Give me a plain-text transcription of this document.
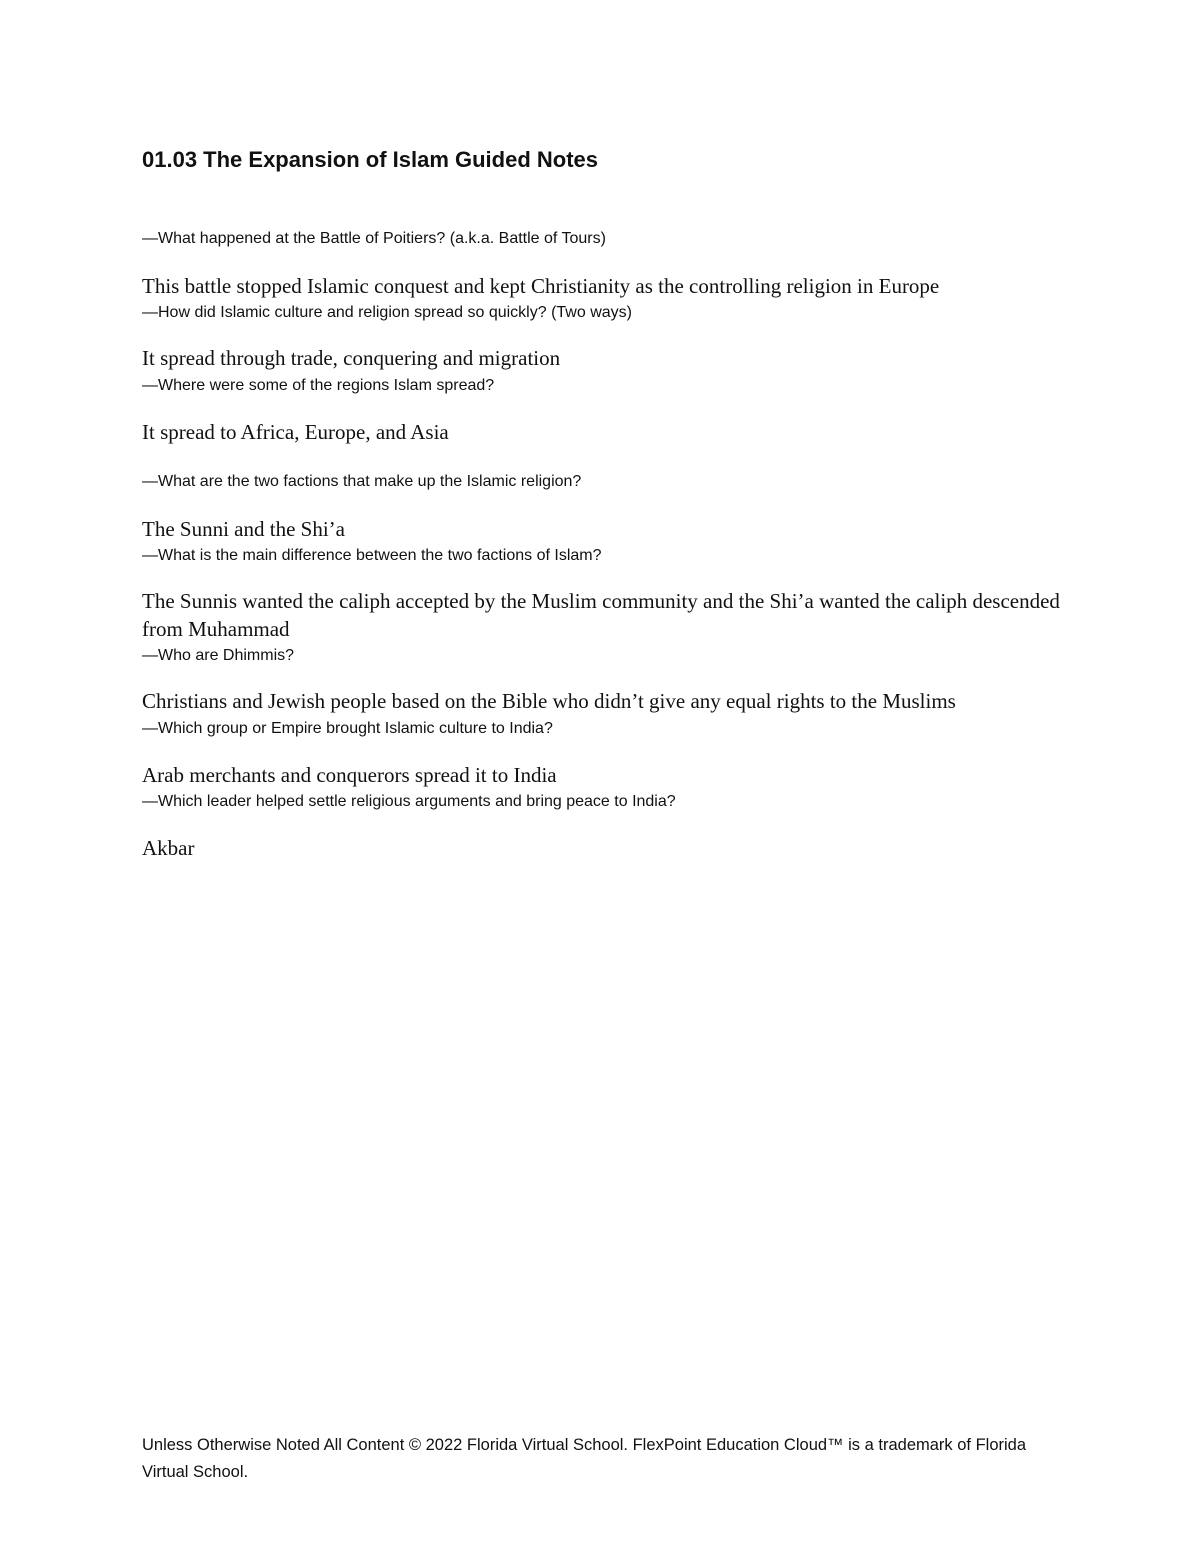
01.03 The Expansion of Islam Guided Notes
—What happened at the Battle of Poitiers? (a.k.a. Battle of Tours)
This battle stopped Islamic conquest and kept Christianity as the controlling religion in Europe
—How did Islamic culture and religion spread so quickly? (Two ways)
It spread through trade, conquering and migration
—Where were some of the regions Islam spread?
It spread to Africa, Europe, and Asia
—What are the two factions that make up the Islamic religion?
The Sunni and the Shi’a
—What is the main difference between the two factions of Islam?
The Sunnis wanted the caliph accepted by the Muslim community and the Shi’a wanted the caliph descended from Muhammad
—Who are Dhimmis?
Christians and Jewish people based on the Bible who didn’t give any equal rights to the Muslims
—Which group or Empire brought Islamic culture to India?
Arab merchants and conquerors spread it to India
—Which leader helped settle religious arguments and bring peace to India?
Akbar
Unless Otherwise Noted All Content © 2022 Florida Virtual School. FlexPoint Education Cloud™ is a trademark of Florida Virtual School.
